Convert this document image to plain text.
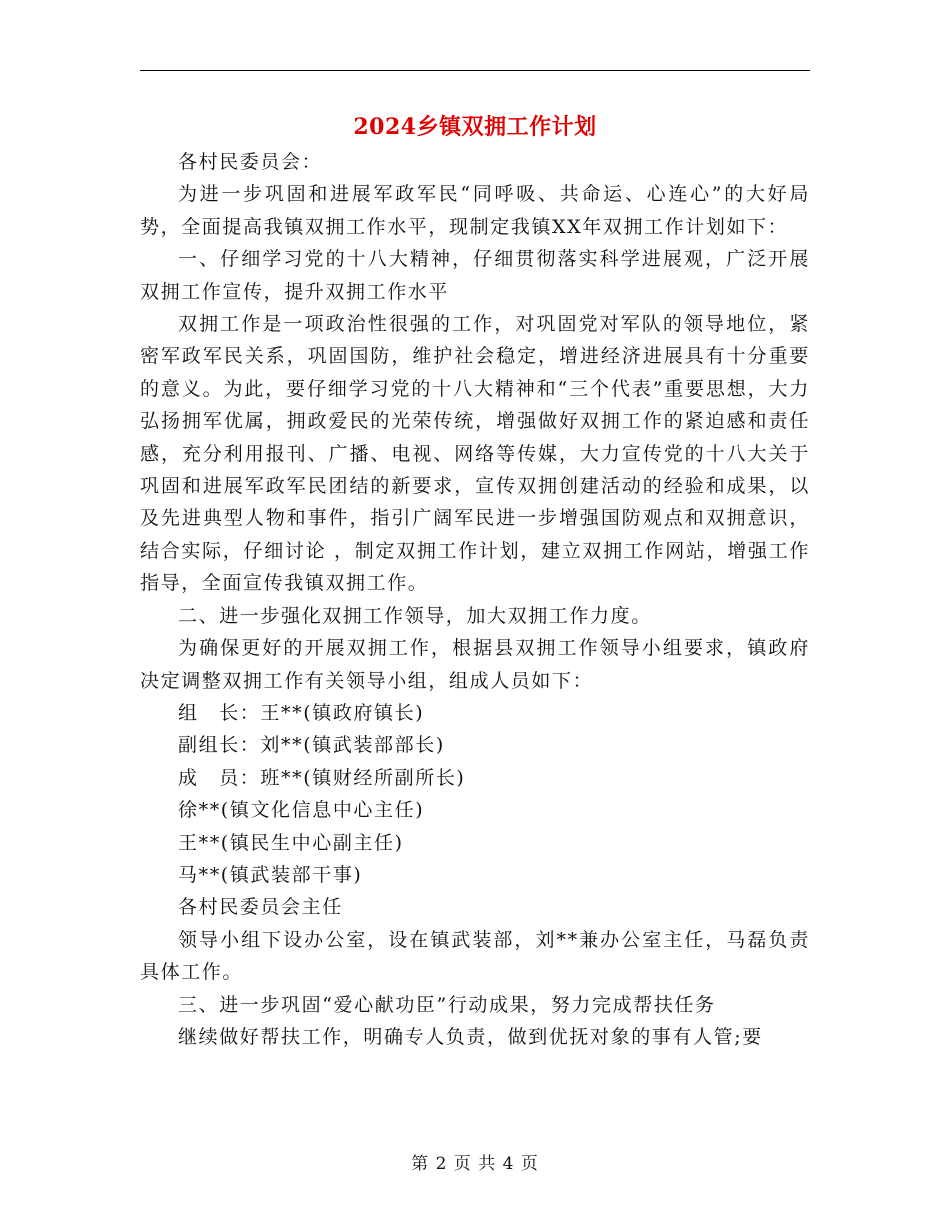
2024乡镇双拥工作计划

各村民委员会：

为进一步巩固和进展军政军民“同呼吸、共命运、心连心”的大好局势，全面提高我镇双拥工作水平，现制定我镇XX年双拥工作计划如下：

一、仔细学习党的十八大精神，仔细贯彻落实科学进展观，广泛开展双拥工作宣传，提升双拥工作水平

双拥工作是一项政治性很强的工作，对巩固党对军队的领导地位，紧密军政军民关系，巩固国防，维护社会稳定，增进经济进展具有十分重要的意义。为此，要仔细学习党的十八大精神和“三个代表”重要思想，大力弘扬拥军优属，拥政爱民的光荣传统，增强做好双拥工作的紧迫感和责任感，充分利用报刊、广播、电视、网络等传媒，大力宣传党的十八大关于巩固和进展军政军民团结的新要求，宣传双拥创建活动的经验和成果，以及先进典型人物和事件，指引广阔军民进一步增强国防观点和双拥意识，结合实际，仔细讨论 ，制定双拥工作计划，建立双拥工作网站，增强工作指导，全面宣传我镇双拥工作。

二、进一步强化双拥工作领导，加大双拥工作力度。

为确保更好的开展双拥工作，根据县双拥工作领导小组要求，镇政府决定调整双拥工作有关领导小组，组成人员如下：

组　长：王**(镇政府镇长)

副组长：刘**(镇武装部部长)

成　员：班**(镇财经所副所长)

徐**(镇文化信息中心主任)

王**(镇民生中心副主任)

马**(镇武装部干事)

各村民委员会主任

领导小组下设办公室，设在镇武装部，刘**兼办公室主任，马磊负责具体工作。

三、进一步巩固“爱心献功臣”行动成果，努力完成帮扶任务

继续做好帮扶工作，明确专人负责，做到优抚对象的事有人管;要

第 2 页 共 4 页
